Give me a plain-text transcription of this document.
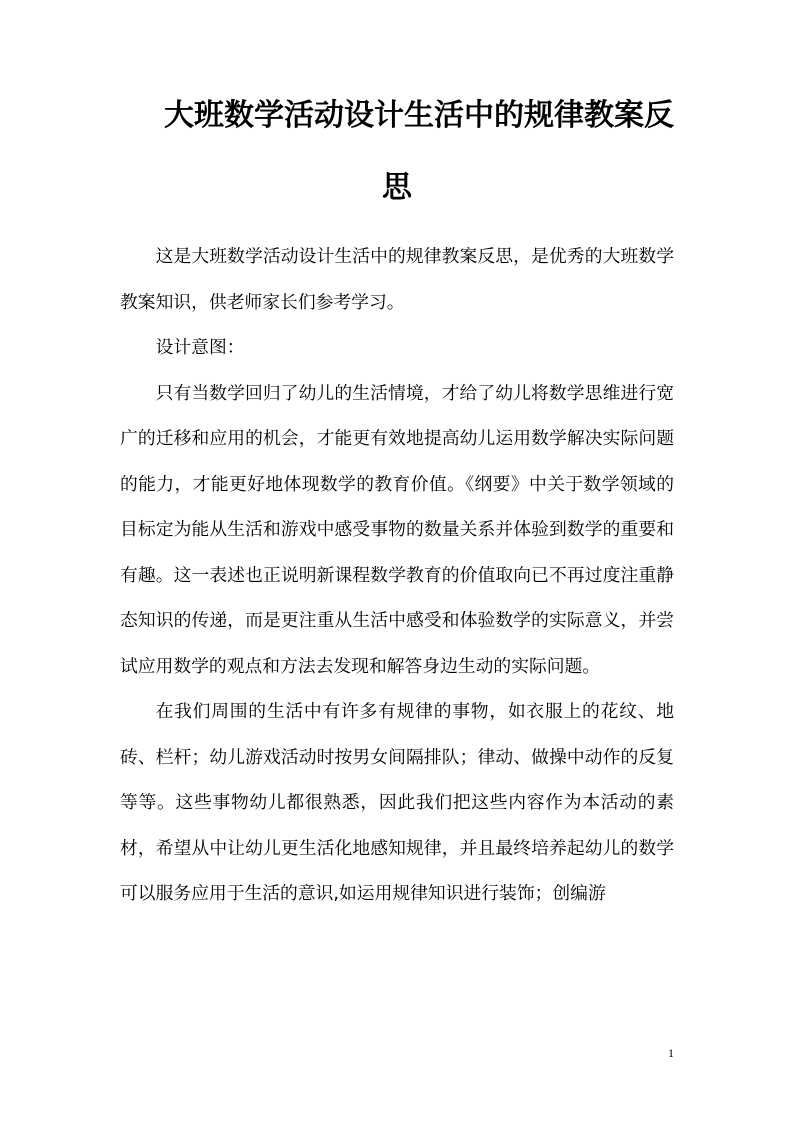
大班数学活动设计生活中的规律教案反
思

这是大班数学活动设计生活中的规律教案反思，是优秀的大班数学教案知识，供老师家长们参考学习。

设计意图：

只有当数学回归了幼儿的生活情境，才给了幼儿将数学思维进行宽广的迁移和应用的机会，才能更有效地提高幼儿运用数学解决实际问题的能力，才能更好地体现数学的教育价值。《纲要》中关于数学领域的目标定为能从生活和游戏中感受事物的数量关系并体验到数学的重要和有趣。这一表述也正说明新课程数学教育的价值取向已不再过度注重静态知识的传递，而是更注重从生活中感受和体验数学的实际意义，并尝试应用数学的观点和方法去发现和解答身边生动的实际问题。

在我们周围的生活中有许多有规律的事物，如衣服上的花纹、地砖、栏杆；幼儿游戏活动时按男女间隔排队；律动、做操中动作的反复等等。这些事物幼儿都很熟悉，因此我们把这些内容作为本活动的素材，希望从中让幼儿更生活化地感知规律，并且最终培养起幼儿的数学可以服务应用于生活的意识,如运用规律知识进行装饰；创编游

1
